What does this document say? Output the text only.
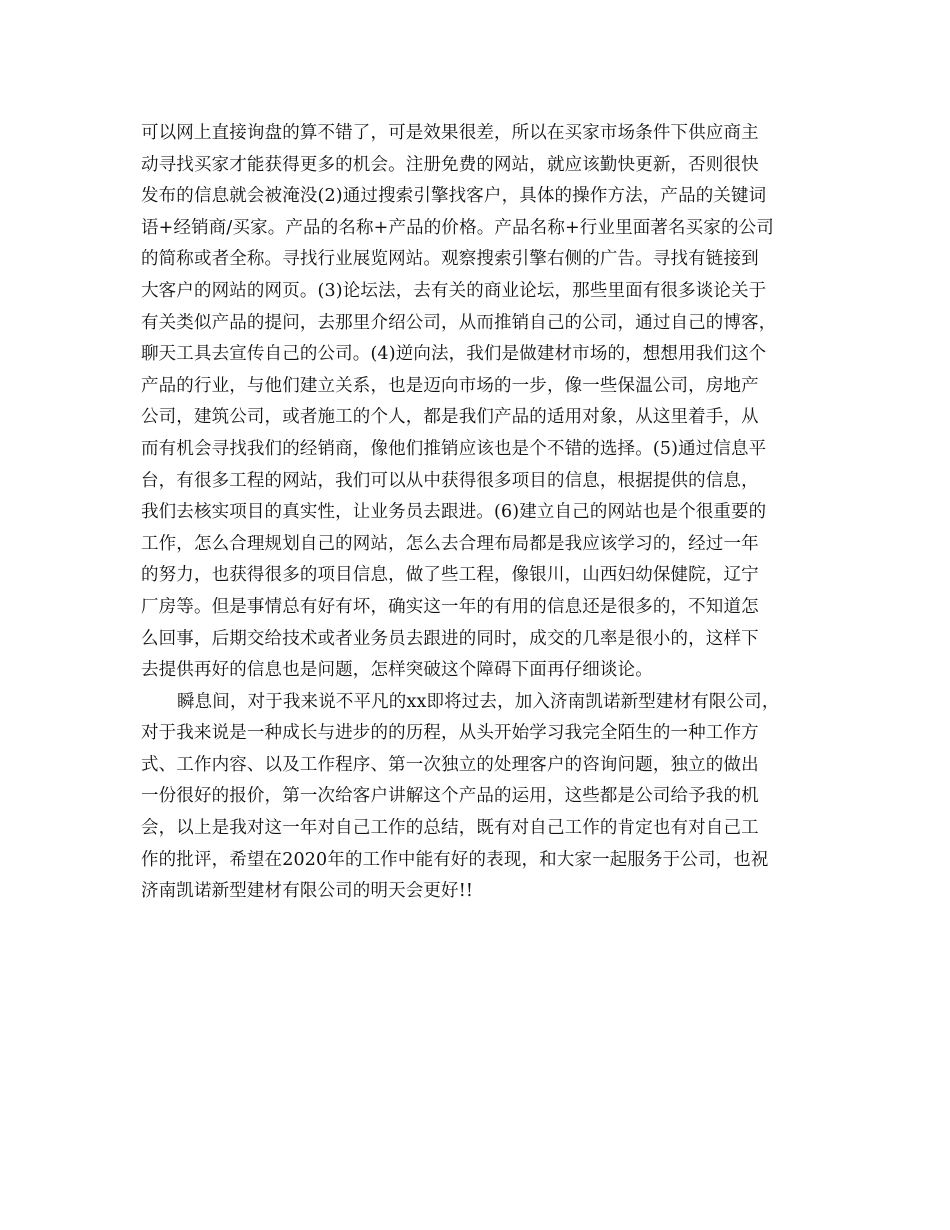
可以网上直接询盘的算不错了，可是效果很差，所以在买家市场条件下供应商主
动寻找买家才能获得更多的机会。注册免费的网站，就应该勤快更新，否则很快
发布的信息就会被淹没(2)通过搜索引擎找客户，具体的操作方法，产品的关键词
语+经销商/买家。产品的名称+产品的价格。产品名称+行业里面著名买家的公司
的简称或者全称。寻找行业展览网站。观察搜索引擎右侧的广告。寻找有链接到
大客户的网站的网页。(3)论坛法，去有关的商业论坛，那些里面有很多谈论关于
有关类似产品的提问，去那里介绍公司，从而推销自己的公司，通过自己的博客，
聊天工具去宣传自己的公司。(4)逆向法，我们是做建材市场的，想想用我们这个
产品的行业，与他们建立关系，也是迈向市场的一步，像一些保温公司，房地产
公司，建筑公司，或者施工的个人，都是我们产品的适用对象，从这里着手，从
而有机会寻找我们的经销商，像他们推销应该也是个不错的选择。(5)通过信息平
台，有很多工程的网站，我们可以从中获得很多项目的信息，根据提供的信息，
我们去核实项目的真实性，让业务员去跟进。(6)建立自己的网站也是个很重要的
工作，怎么合理规划自己的网站，怎么去合理布局都是我应该学习的，经过一年
的努力，也获得很多的项目信息，做了些工程，像银川，山西妇幼保健院，辽宁
厂房等。但是事情总有好有坏，确实这一年的有用的信息还是很多的，不知道怎
么回事，后期交给技术或者业务员去跟进的同时，成交的几率是很小的，这样下
去提供再好的信息也是问题，怎样突破这个障碍下面再仔细谈论。
瞬息间，对于我来说不平凡的xx即将过去，加入济南凯诺新型建材有限公司，
对于我来说是一种成长与进步的的历程，从头开始学习我完全陌生的一种工作方
式、工作内容、以及工作程序、第一次独立的处理客户的咨询问题，独立的做出
一份很好的报价，第一次给客户讲解这个产品的运用，这些都是公司给予我的机
会，以上是我对这一年对自己工作的总结，既有对自己工作的肯定也有对自己工
作的批评，希望在2020年的工作中能有好的表现，和大家一起服务于公司，也祝
济南凯诺新型建材有限公司的明天会更好!!
